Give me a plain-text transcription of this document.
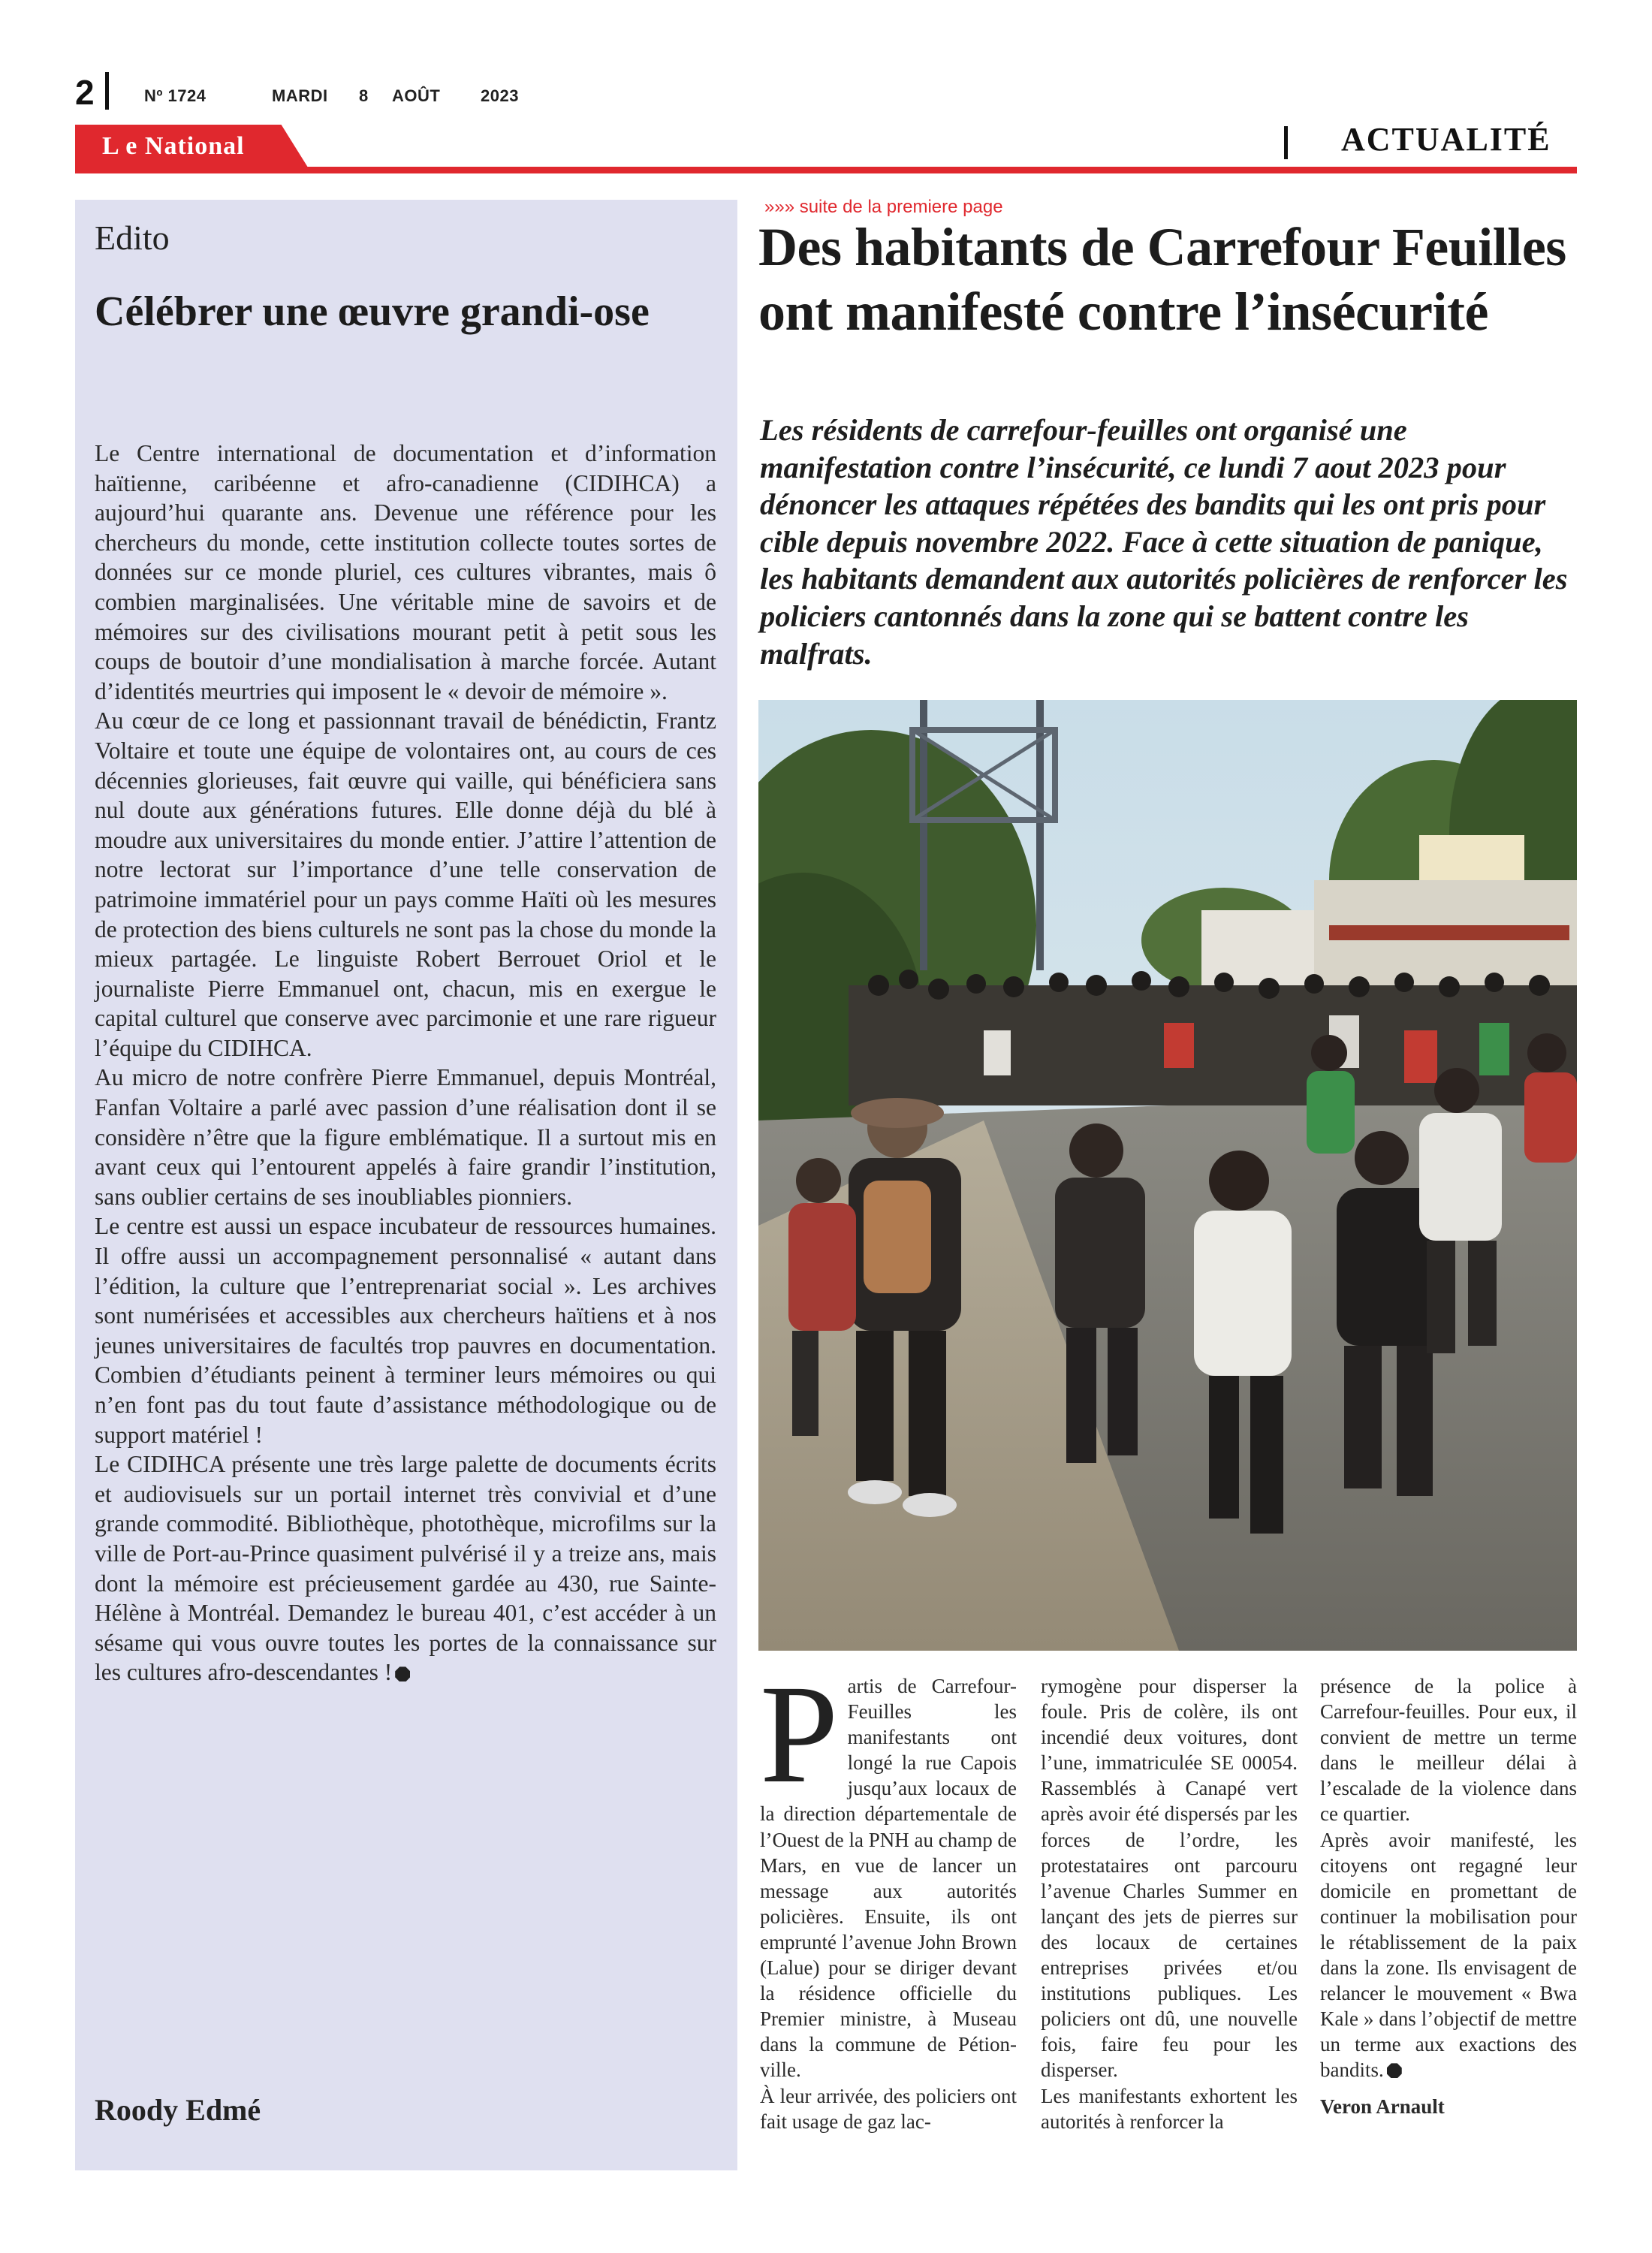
2	Nº 1724	MARDI 8 AOÛT 2023
L e National	ACTUALITÉ
Edito
Célébrer une œuvre grandi-ose

Le Centre international de documentation et d’information haïtienne, caribéenne et afro-canadienne (CIDIHCA) a aujourd’hui quarante ans. Devenue une référence pour les chercheurs du monde, cette institution collecte toutes sortes de données sur ce monde pluriel, ces cultures vibrantes, mais ô combien marginalisées. Une véritable mine de savoirs et de mémoires sur des civilisations mourant petit à petit sous les coups de boutoir d’une mondialisation à marche forcée. Autant d’identités meurtries qui imposent le « devoir de mémoire ».

Au cœur de ce long et passionnant travail de bénédictin, Frantz Voltaire et toute une équipe de volontaires ont, au cours de ces décennies glorieuses, fait œuvre qui vaille, qui bénéficiera sans nul doute aux générations futures. Elle donne déjà du blé à moudre aux universitaires du monde entier. J’attire l’attention de notre lectorat sur l’importance d’une telle conservation de patrimoine immatériel pour un pays comme Haïti où les mesures de protection des biens culturels ne sont pas la chose du monde la mieux partagée. Le linguiste Robert Berrouet Oriol et le journaliste Pierre Emmanuel ont, chacun, mis en exergue le capital culturel que conserve avec parcimonie et une rare rigueur l’équipe du CIDIHCA.

Au micro de notre confrère Pierre Emmanuel, depuis Montréal, Fanfan Voltaire a parlé avec passion d’une réalisation dont il se considère n’être que la figure emblématique. Il a surtout mis en avant ceux qui l’entourent appelés à faire grandir l’institution, sans oublier certains de ses inoubliables pionniers.

Le centre est aussi un espace incubateur de ressources humaines. Il offre aussi un accompagnement personnalisé « autant dans l’édition, la culture que l’entreprenariat social ». Les archives sont numérisées et accessibles aux chercheurs haïtiens et à nos jeunes universitaires de facultés trop pauvres en documentation. Combien d’étudiants peinent à terminer leurs mémoires ou qui n’en font pas du tout faute d’assistance méthodologique ou de support matériel !

Le CIDIHCA présente une très large palette de documents écrits et audiovisuels sur un portail internet très convivial et d’une grande commodité. Bibliothèque, photothèque, microfilms sur la ville de Port-au-Prince quasiment pulvérisé il y a treize ans, mais dont la mémoire est précieusement gardée au 430, rue Sainte-Hélène à Montréal. Demandez le bureau 401, c’est accéder à un sésame qui vous ouvre toutes les portes de la connaissance sur les cultures afro-descendantes !

Roody Edmé
»»» suite de la premiere page
Des habitants de Carrefour Feuilles ont manifesté contre l’insécurité
Les résidents de carrefour-feuilles ont organisé une manifestation contre l’insécurité, ce lundi 7 aout 2023 pour dénoncer les attaques répétées des bandits qui les ont pris pour cible depuis novembre 2022. Face à cette situation de panique, les habitants demandent aux autorités policières de renforcer les policiers cantonnés dans la zone qui se battent contre les malfrats.

Partis de Carrefour-Feuilles les manifestants ont longé la rue Capois jusqu’aux locaux de la direction départementale de l’Ouest de la PNH au champ de Mars, en vue de lancer un message aux autorités policières. Ensuite, ils ont emprunté l’avenue John Brown (Lalue) pour se diriger devant la résidence officielle du Premier ministre, à Museau dans la commune de Pétion-ville.

À leur arrivée, des policiers ont fait usage de gaz lac-

rymogène pour disperser la foule. Pris de colère, ils ont incendié deux voitures, dont l’une, immatriculée SE 00054. Rassemblés à Canapé vert après avoir été dispersés par les forces de l’ordre, les protestataires ont parcouru l’avenue Charles Summer en lançant des jets de pierres sur des locaux de certaines entreprises privées et/ou institutions publiques. Les policiers ont dû, une nouvelle fois, faire feu pour les disperser.

Les manifestants exhortent les autorités à renforcer la

présence de la police à Carrefour-feuilles. Pour eux, il convient de mettre un terme dans le meilleur délai à l’escalade de la violence dans ce quartier.

Après avoir manifesté, les citoyens ont regagné leur domicile en promettant de continuer la mobilisation pour le rétablissement de la paix dans la zone. Ils envisagent de relancer le mouvement « Bwa Kale » dans l’objectif de mettre un terme aux exactions des bandits.

Veron Arnault
